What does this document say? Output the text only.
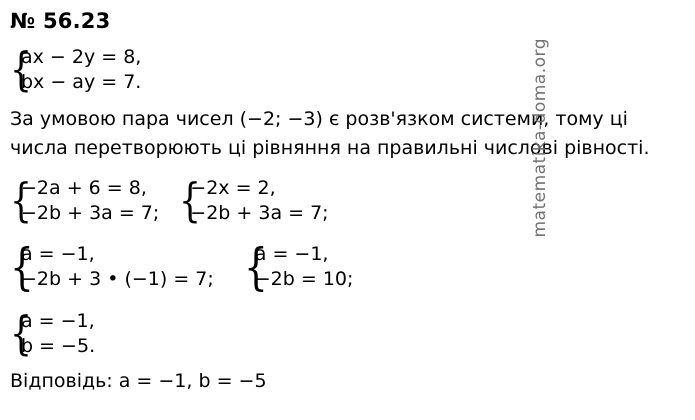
№ 56.23
{
ax − 2y = 8,
bx − ay = 7.
За умовою пара чисел (−2; −3) є розв'язком системи, тому ці числа перетворюють ці рівняння на правильні числові рівності.
{
−2a + 6 = 8,
−2b + 3a = 7; {
−2x = 2,
−2b + 3a = 7;
{
a = −1,
−2b + 3 • (−1) = 7; {
a = −1,
−2b = 10;
{
a = −1,
b = −5.
Відповідь: a = −1, b = −5
matematika-doma.org
